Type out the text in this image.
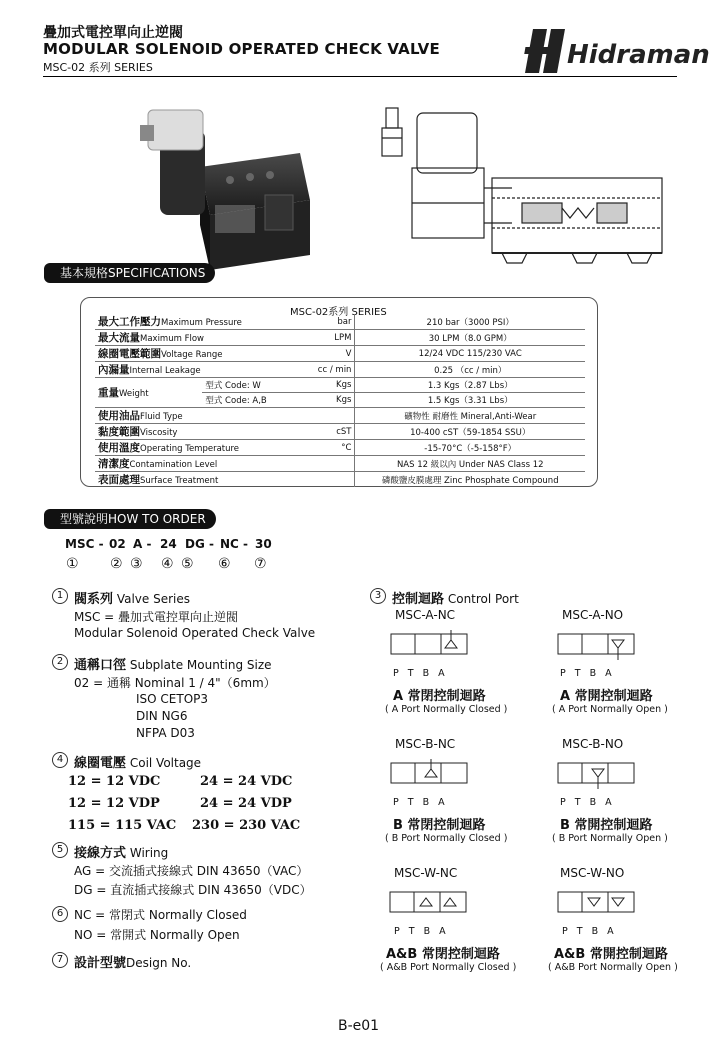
疊加式電控單向止逆閥
MODULAR SOLENOID OPERATED CHECK VALVE
MSC-02 系列 SERIES	Hidraman
基本規格SPECIFICATIONS
MSC-02系列 SERIES
最大工作壓力Maximum Pressure		bar	210 bar（3000 PSI）
最大流量Maximum Flow		LPM	30 LPM（8.0 GPM）
線圈電壓範圍Voltage Range		V	12/24 VDC 115/230 VAC
內漏量Internal Leakage		cc / min	0.25 （cc / min）
重量Weight	型式 Code: W	Kgs	1.3 Kgs（2.87 Lbs）
	型式 Code: A,B	Kgs	1.5 Kgs（3.31 Lbs）
使用油品Fluid Type			礦物性 耐磨性 Mineral,Anti-Wear
黏度範圍Viscosity		cST	10-400 cST（59-1854 SSU）
使用溫度Operating Temperature		°C	-15-70°C（-5-158°F）
清潔度Contamination Level			NAS 12 級以內 Under NAS Class 12
表面處理Surface Treatment			磷酸鹽皮膜處理 Zinc Phosphate Compound
型號說明HOW TO ORDER
MSC - 02 A - 24 DG - NC - 30
① ② ③ ④ ⑤ ⑥ ⑦
1 閥系列 Valve Series
MSC = 疊加式電控單向止逆閥
Modular Solenoid Operated Check Valve
2 通稱口徑 Subplate Mounting Size
02 = 通稱 Nominal 1 / 4"（6mm）
ISO CETOP3
DIN NG6
NFPA D03
4 線圈電壓 Coil Voltage
12 = 12 VDC	24 = 24 VDC
12 = 12 VDP	24 = 24 VDP
115 = 115 VAC 230 = 230 VAC
5 接線方式 Wiring
AG = 交流插式接線式 DIN 43650（VAC）
DG = 直流插式接線式 DIN 43650（VDC）
6 NC = 常閉式 Normally Closed
NO = 常開式 Normally Open
7 設計型號Design No.
3 控制迴路 Control Port
MSC-A-NC
P T B A
A 常閉控制迴路
( A Port Normally Closed )
MSC-A-NO
P T B A
A 常開控制迴路
( A Port Normally Open )
MSC-B-NC
P T B A
B 常閉控制迴路
( B Port Normally Closed )
MSC-B-NO
P T B A
B 常開控制迴路
( B Port Normally Open )
MSC-W-NC
P T B A
A&B 常閉控制迴路
( A&B Port Normally Closed )
MSC-W-NO
P T B A
A&B 常開控制迴路
( A&B Port Normally Open )
B-e01
